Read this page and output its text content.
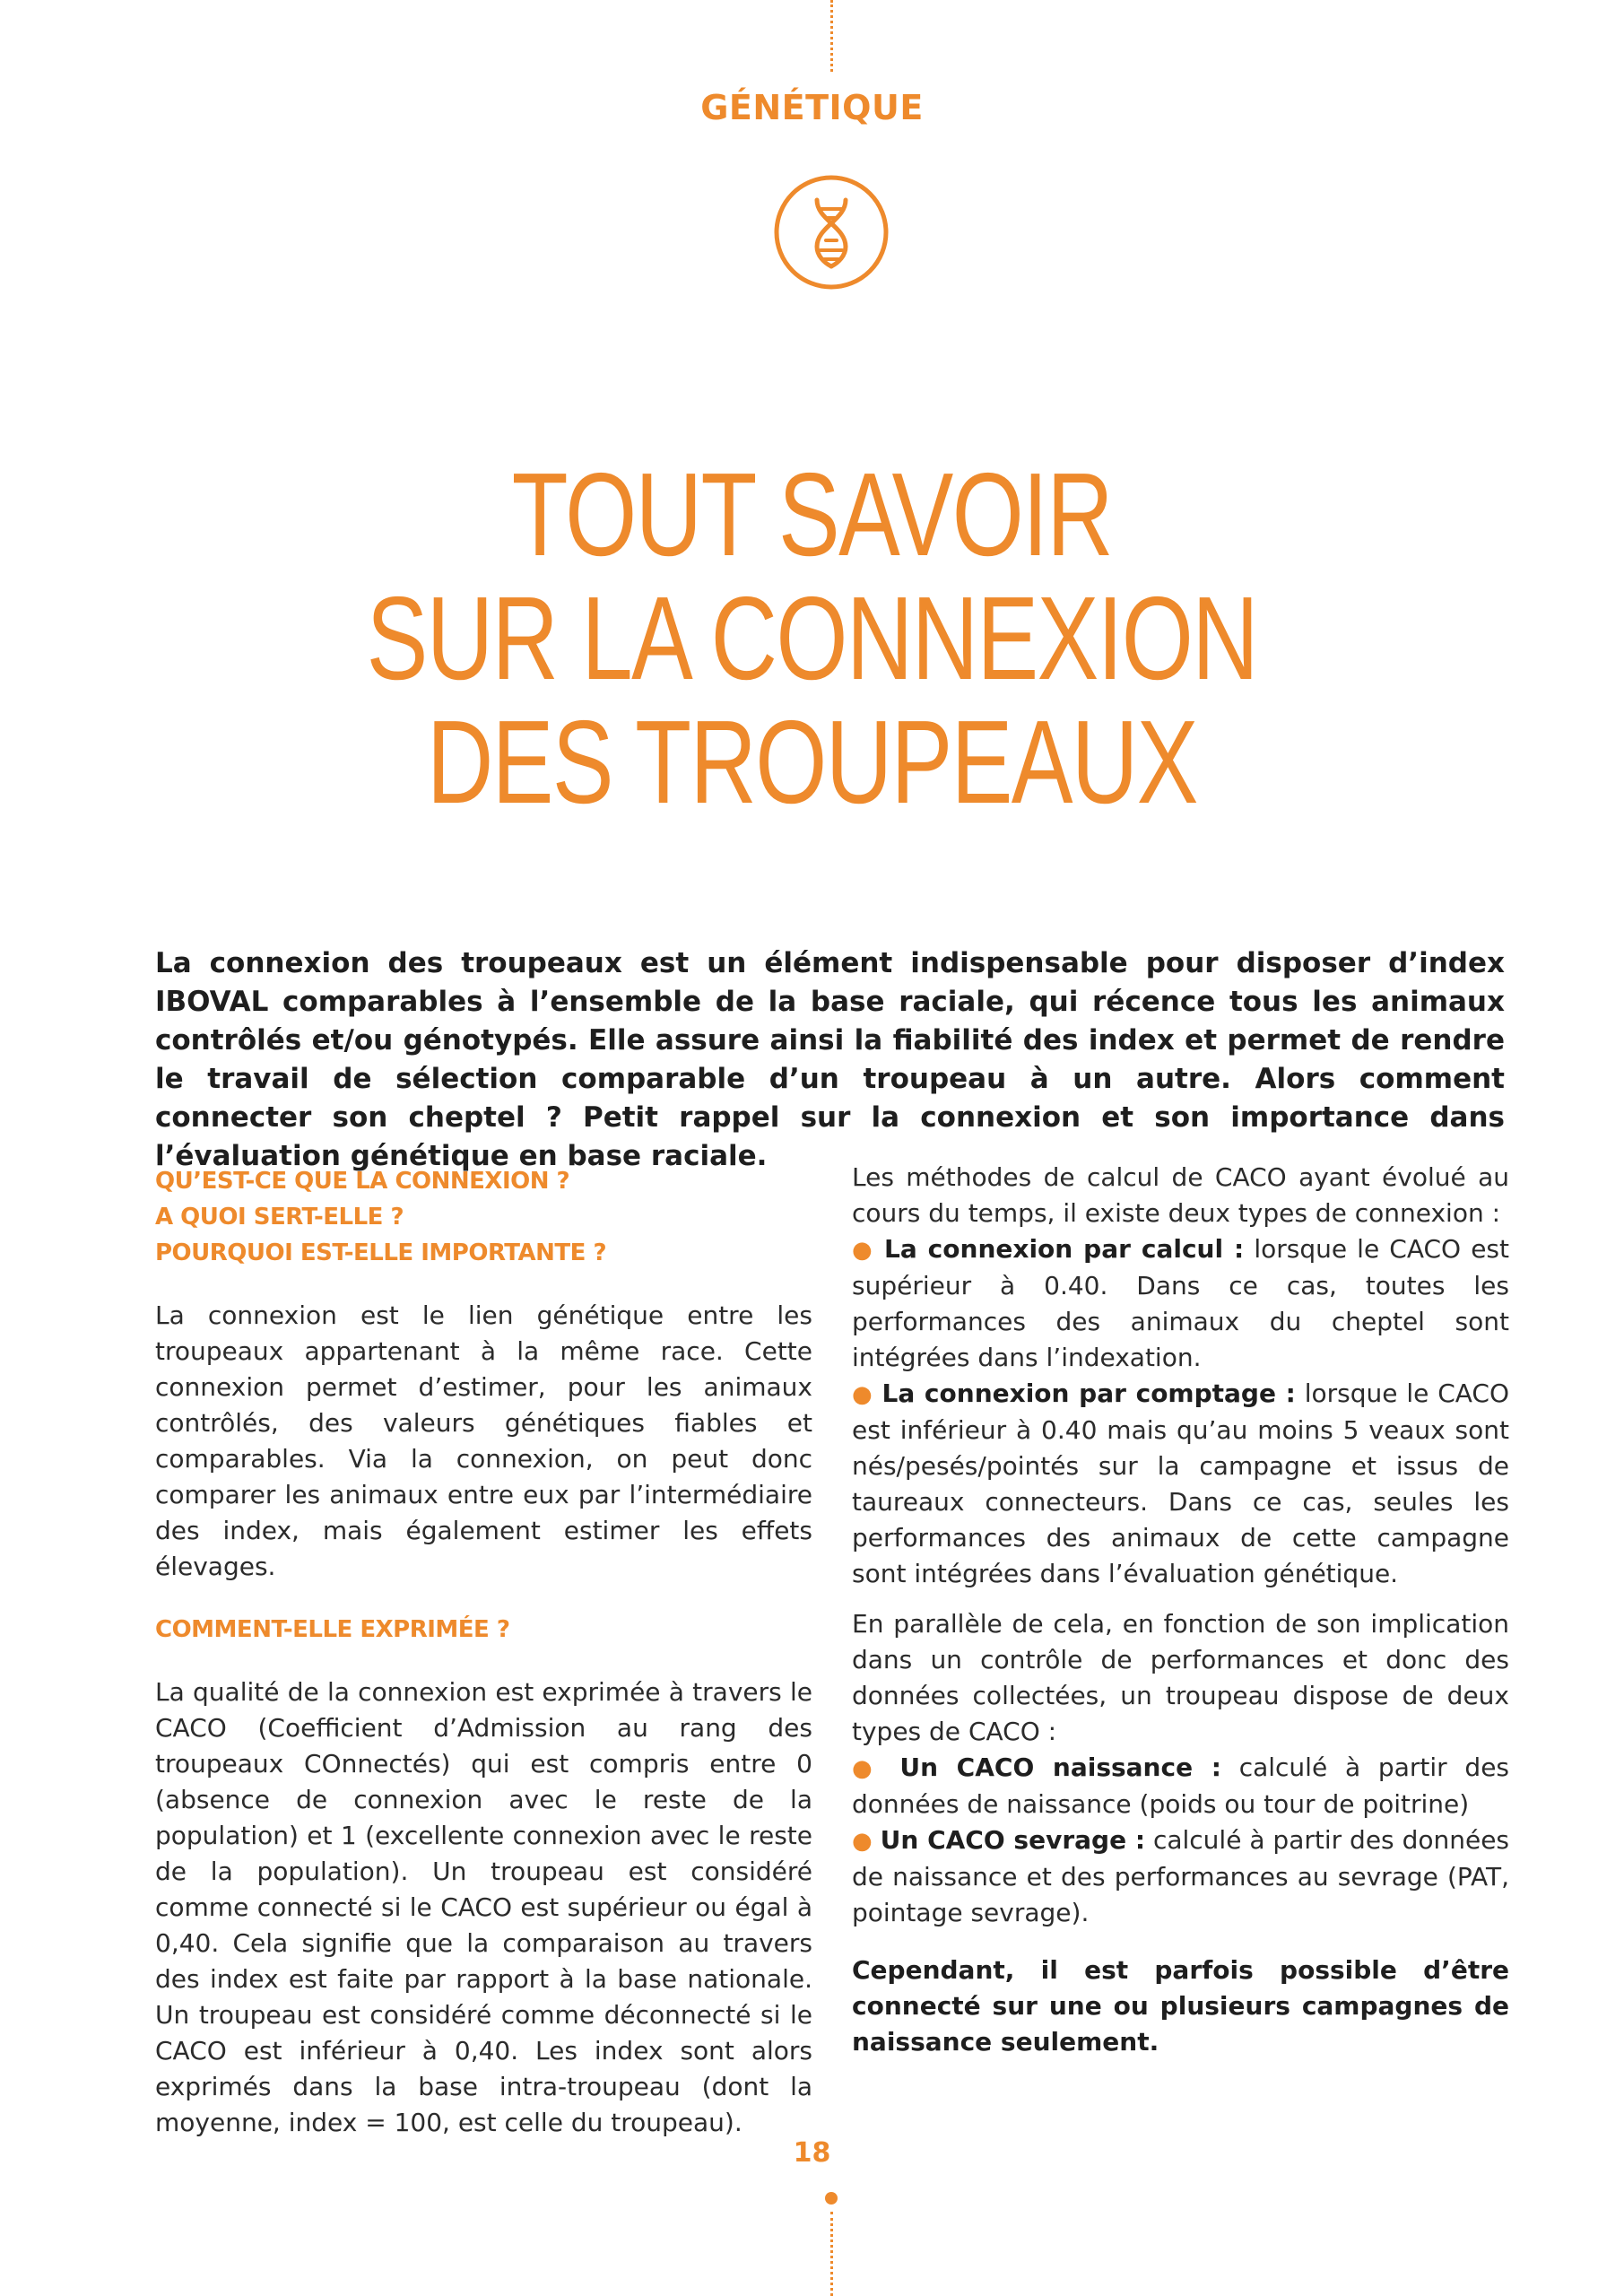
GÉNÉTIQUE
TOUT SAVOIR
SUR LA CONNEXION
DES TROUPEAUX

La connexion des troupeaux est un élément indispensable pour disposer d’index IBOVAL comparables à l’ensemble de la base raciale, qui récence tous les animaux contrôlés et/ou génotypés. Elle assure ainsi la fiabilité des index et permet de rendre le travail de sélection comparable d’un troupeau à un autre. Alors comment connecter son cheptel ? Petit rappel sur la connexion et son importance dans l’évaluation génétique en base raciale.

QU’EST-CE QUE LA CONNEXION ?
A QUOI SERT-ELLE ?
POURQUOI EST-ELLE IMPORTANTE ?

La connexion est le lien génétique entre les troupeaux appartenant à la même race. Cette connexion permet d’estimer, pour les animaux contrôlés, des valeurs génétiques fiables et comparables. Via la connexion, on peut donc comparer les animaux entre eux par l’intermédiaire des index, mais également estimer les effets élevages.

COMMENT-ELLE EXPRIMÉE ?

La qualité de la connexion est exprimée à travers le CACO (Coefficient d’Admission au rang des troupeaux COnnectés) qui est compris entre 0 (absence de connexion avec le reste de la population) et 1 (excellente connexion avec le reste de la population). Un troupeau est considéré comme connecté si le CACO est supérieur ou égal à 0,40. Cela signifie que la comparaison au travers des index est faite par rapport à la base nationale. Un troupeau est considéré comme déconnecté si le CACO est inférieur à 0,40. Les index sont alors exprimés dans la base intra-troupeau (dont la moyenne, index = 100, est celle du troupeau).

Les méthodes de calcul de CACO ayant évolué au cours du temps, il existe deux types de connexion :

● La connexion par calcul : lorsque le CACO est supérieur à 0.40. Dans ce cas, toutes les performances des animaux du cheptel sont intégrées dans l’indexation.

● La connexion par comptage : lorsque le CACO est inférieur à 0.40 mais qu’au moins 5 veaux sont nés/pesés/pointés sur la campagne et issus de taureaux connecteurs. Dans ce cas, seules les performances des animaux de cette campagne sont intégrées dans l’évaluation génétique.

En parallèle de cela, en fonction de son implication dans un contrôle de performances et donc des données collectées, un troupeau dispose de deux types de CACO :

● Un CACO naissance : calculé à partir des données de naissance (poids ou tour de poitrine)

● Un CACO sevrage : calculé à partir des données de naissance et des performances au sevrage (PAT, pointage sevrage).

Cependant, il est parfois possible d’être connecté sur une ou plusieurs campagnes de naissance seulement.

18
